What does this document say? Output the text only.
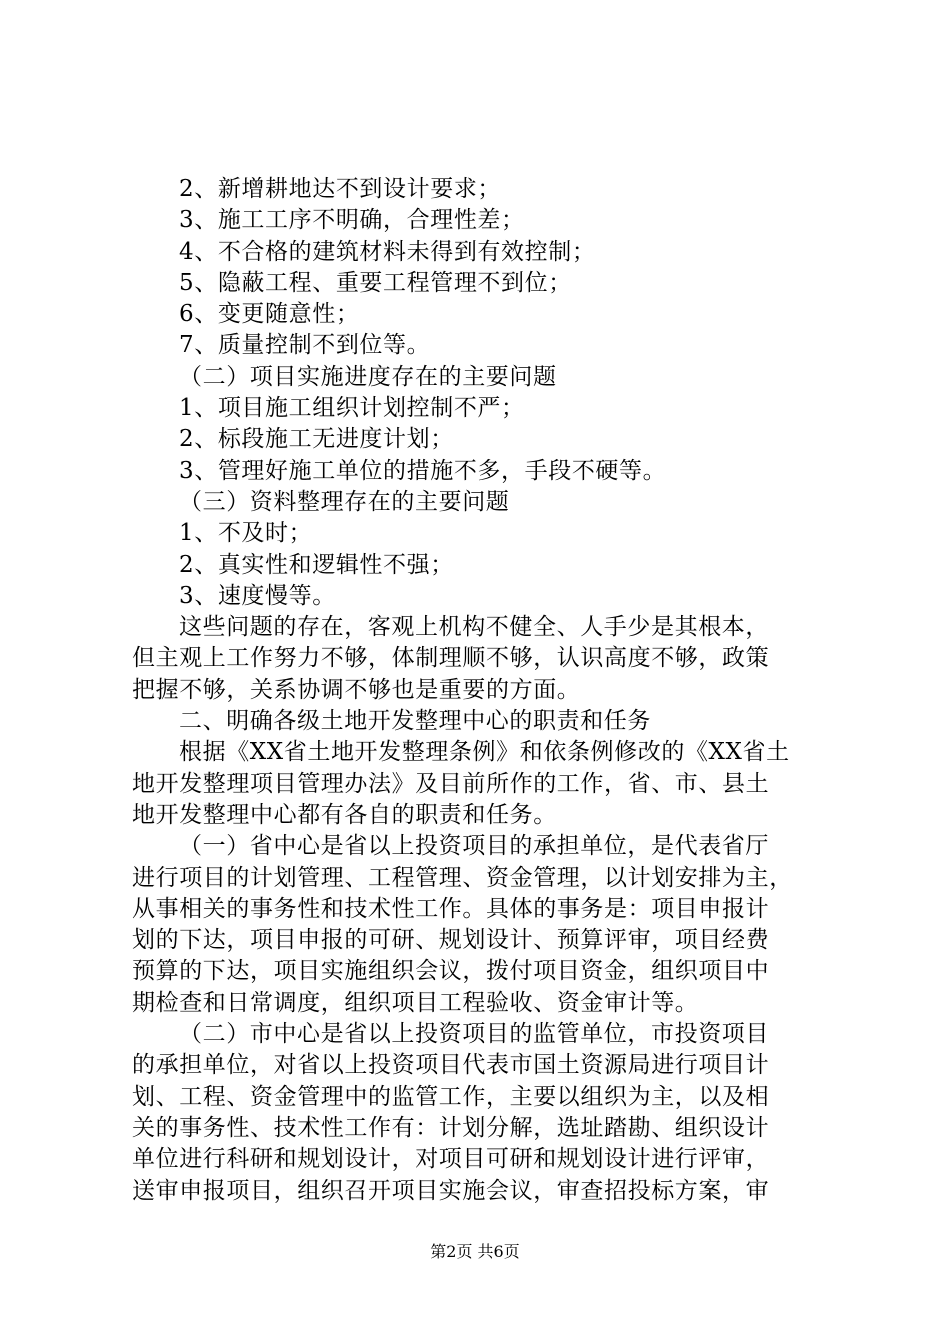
2、新增耕地达不到设计要求；
3、施工工序不明确，合理性差；
4、不合格的建筑材料未得到有效控制；
5、隐蔽工程、重要工程管理不到位；
6、变更随意性；
7、质量控制不到位等。
（二）项目实施进度存在的主要问题
1、项目施工组织计划控制不严；
2、标段施工无进度计划；
3、管理好施工单位的措施不多，手段不硬等。
（三）资料整理存在的主要问题
1、不及时；
2、真实性和逻辑性不强；
3、速度慢等。
这些问题的存在，客观上机构不健全、人手少是其根本，
但主观上工作努力不够，体制理顺不够，认识高度不够，政策
把握不够，关系协调不够也是重要的方面。
二、明确各级土地开发整理中心的职责和任务
根据《XX省土地开发整理条例》和依条例修改的《XX省土
地开发整理项目管理办法》及目前所作的工作，省、市、县土
地开发整理中心都有各自的职责和任务。
（一）省中心是省以上投资项目的承担单位，是代表省厅
进行项目的计划管理、工程管理、资金管理，以计划安排为主，
从事相关的事务性和技术性工作。具体的事务是：项目申报计
划的下达，项目申报的可研、规划设计、预算评审，项目经费
预算的下达，项目实施组织会议，拨付项目资金，组织项目中
期检查和日常调度，组织项目工程验收、资金审计等。
（二）市中心是省以上投资项目的监管单位，市投资项目
的承担单位，对省以上投资项目代表市国土资源局进行项目计
划、工程、资金管理中的监管工作，主要以组织为主，以及相
关的事务性、技术性工作有：计划分解，选址踏勘、组织设计
单位进行科研和规划设计，对项目可研和规划设计进行评审，
送审申报项目，组织召开项目实施会议，审查招投标方案，审
第2页 共6页
